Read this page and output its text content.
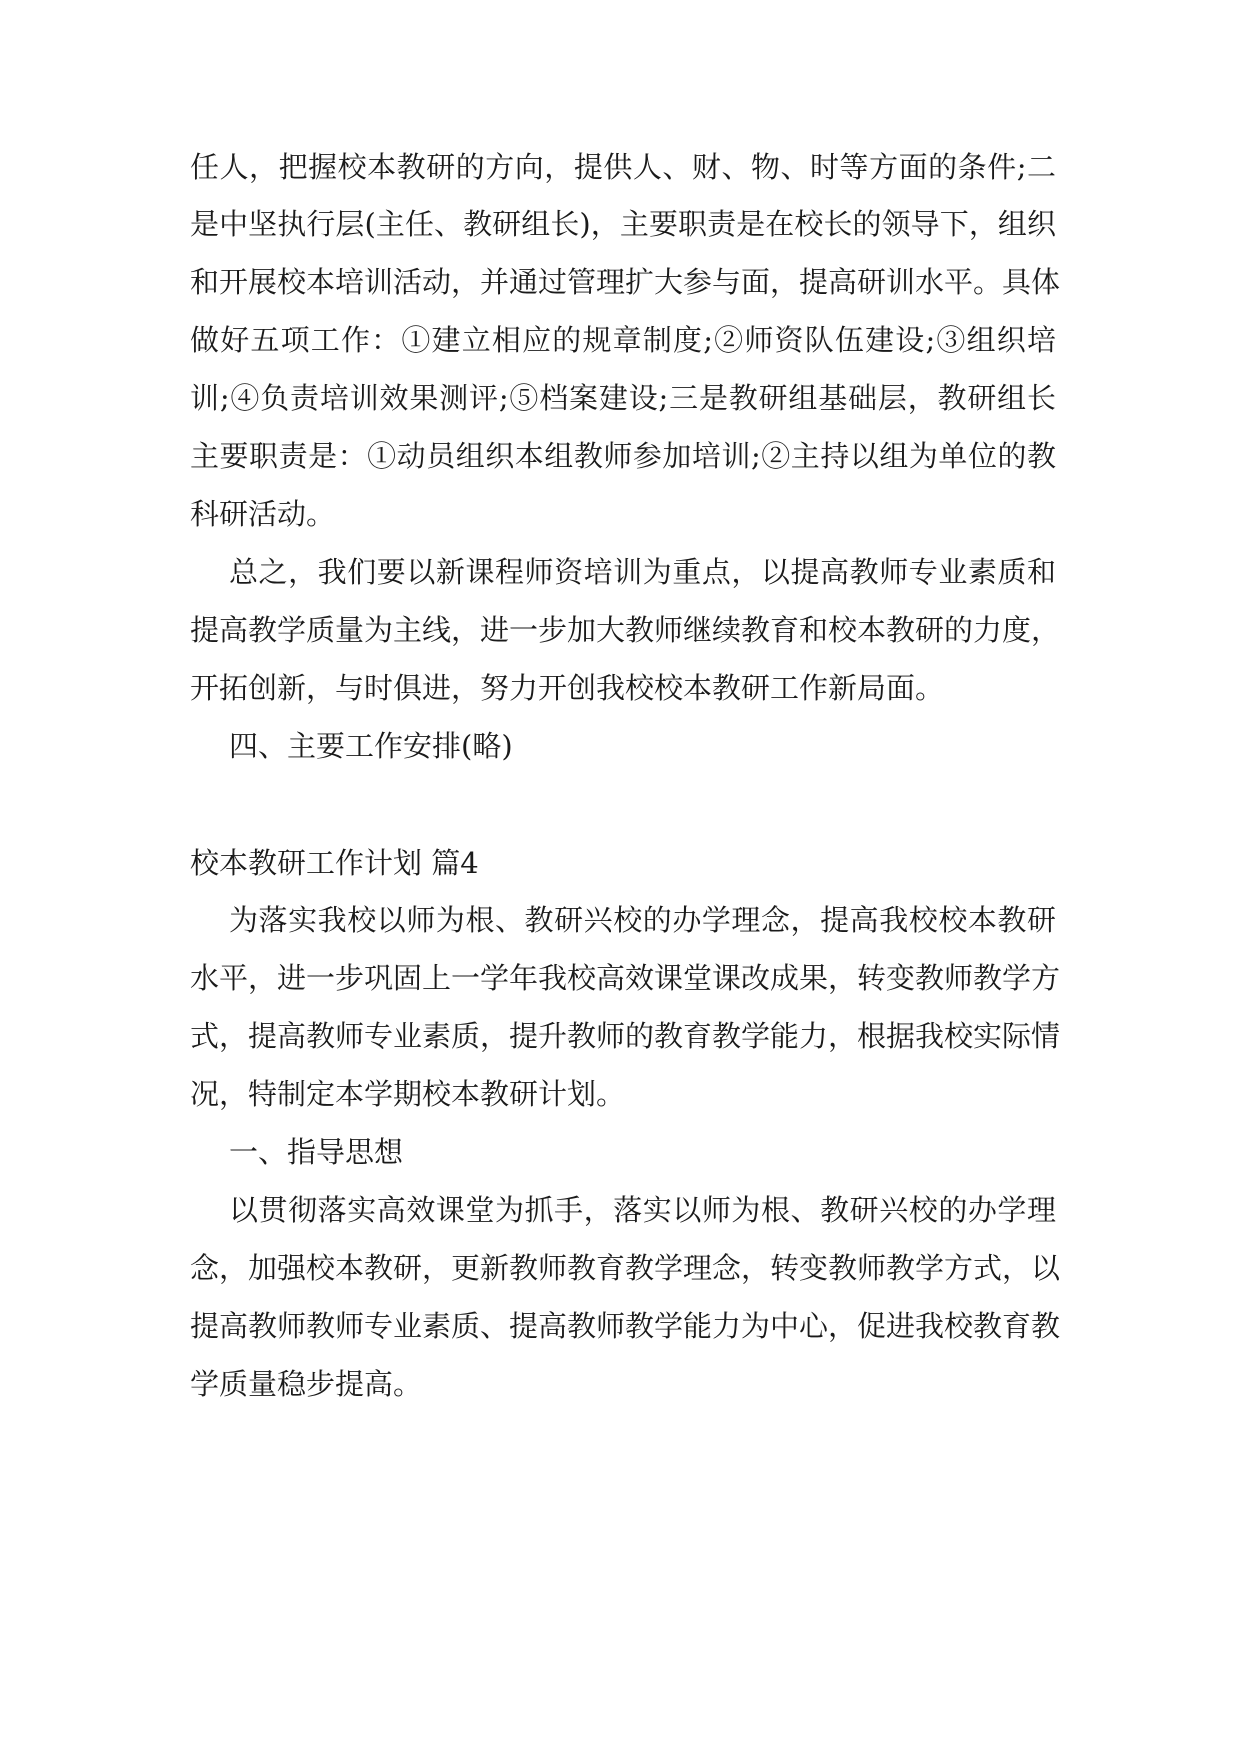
任人，把握校本教研的方向，提供人、财、物、时等方面的条件;二

是中坚执行层(主任、教研组长)，主要职责是在校长的领导下，组织

和开展校本培训活动，并通过管理扩大参与面，提高研训水平。具体

做好五项工作：①建立相应的规章制度;②师资队伍建设;③组织培

训;④负责培训效果测评;⑤档案建设;三是教研组基础层，教研组长

主要职责是：①动员组织本组教师参加培训;②主持以组为单位的教

科研活动。

总之，我们要以新课程师资培训为重点，以提高教师专业素质和

提高教学质量为主线，进一步加大教师继续教育和校本教研的力度，

开拓创新，与时俱进，努力开创我校校本教研工作新局面。

四、主要工作安排(略)

校本教研工作计划 篇4

为落实我校以师为根、教研兴校的办学理念，提高我校校本教研

水平，进一步巩固上一学年我校高效课堂课改成果，转变教师教学方

式，提高教师专业素质，提升教师的教育教学能力，根据我校实际情

况，特制定本学期校本教研计划。

一、指导思想

以贯彻落实高效课堂为抓手，落实以师为根、教研兴校的办学理

念，加强校本教研，更新教师教育教学理念，转变教师教学方式，以

提高教师教师专业素质、提高教师教学能力为中心，促进我校教育教

学质量稳步提高。
